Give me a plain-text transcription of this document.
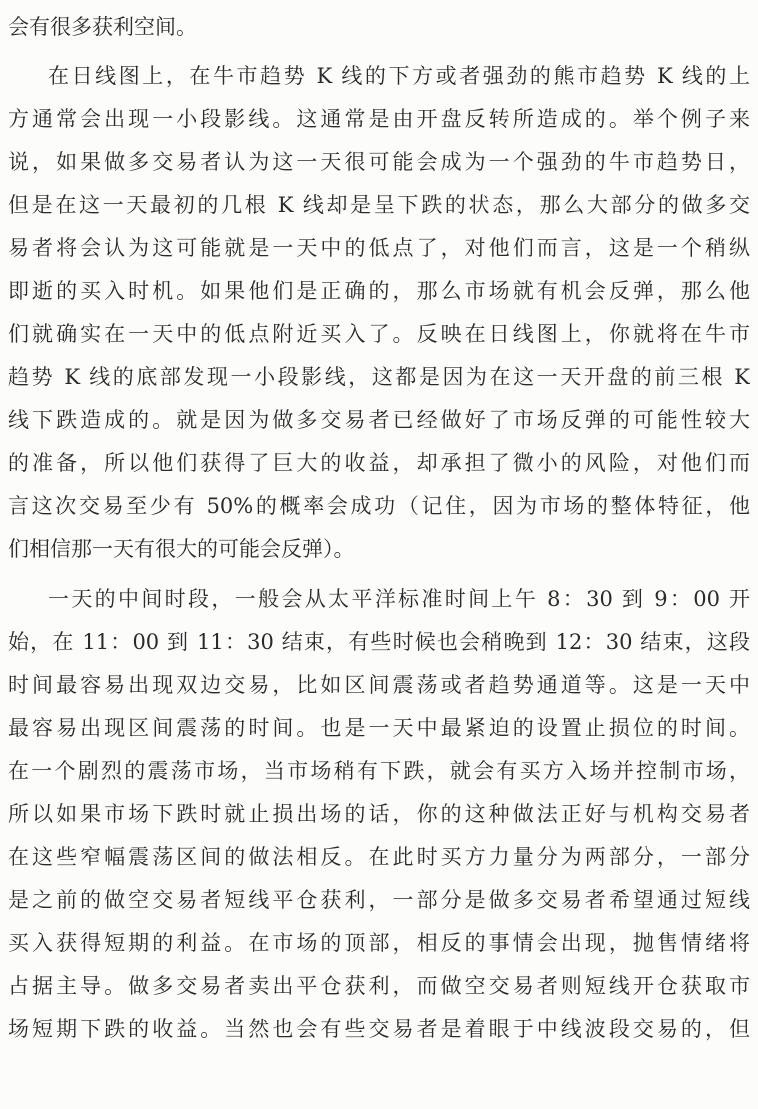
会有很多获利空间。
在日线图上，在牛市趋势 K 线的下方或者强劲的熊市趋势 K 线的上
方通常会出现一小段影线。这通常是由开盘反转所造成的。举个例子来
说，如果做多交易者认为这一天很可能会成为一个强劲的牛市趋势日，
但是在这一天最初的几根 K 线却是呈下跌的状态，那么大部分的做多交
易者将会认为这可能就是一天中的低点了，对他们而言，这是一个稍纵
即逝的买入时机。如果他们是正确的，那么市场就有机会反弹，那么他
们就确实在一天中的低点附近买入了。反映在日线图上，你就将在牛市
趋势 K 线的底部发现一小段影线，这都是因为在这一天开盘的前三根 K
线下跌造成的。就是因为做多交易者已经做好了市场反弹的可能性较大
的准备，所以他们获得了巨大的收益，却承担了微小的风险，对他们而
言这次交易至少有 50%的概率会成功（记住，因为市场的整体特征，他
们相信那一天有很大的可能会反弹）。
一天的中间时段，一般会从太平洋标准时间上午 8：30 到 9：00 开
始，在 11：00 到 11：30 结束，有些时候也会稍晚到 12：30 结束，这段
时间最容易出现双边交易，比如区间震荡或者趋势通道等。这是一天中
最容易出现区间震荡的时间。也是一天中最紧迫的设置止损位的时间。
在一个剧烈的震荡市场，当市场稍有下跌，就会有买方入场并控制市场，
所以如果市场下跌时就止损出场的话，你的这种做法正好与机构交易者
在这些窄幅震荡区间的做法相反。在此时买方力量分为两部分，一部分
是之前的做空交易者短线平仓获利，一部分是做多交易者希望通过短线
买入获得短期的利益。在市场的顶部，相反的事情会出现，抛售情绪将
占据主导。做多交易者卖出平仓获利，而做空交易者则短线开仓获取市
场短期下跌的收益。当然也会有些交易者是着眼于中线波段交易的，但
